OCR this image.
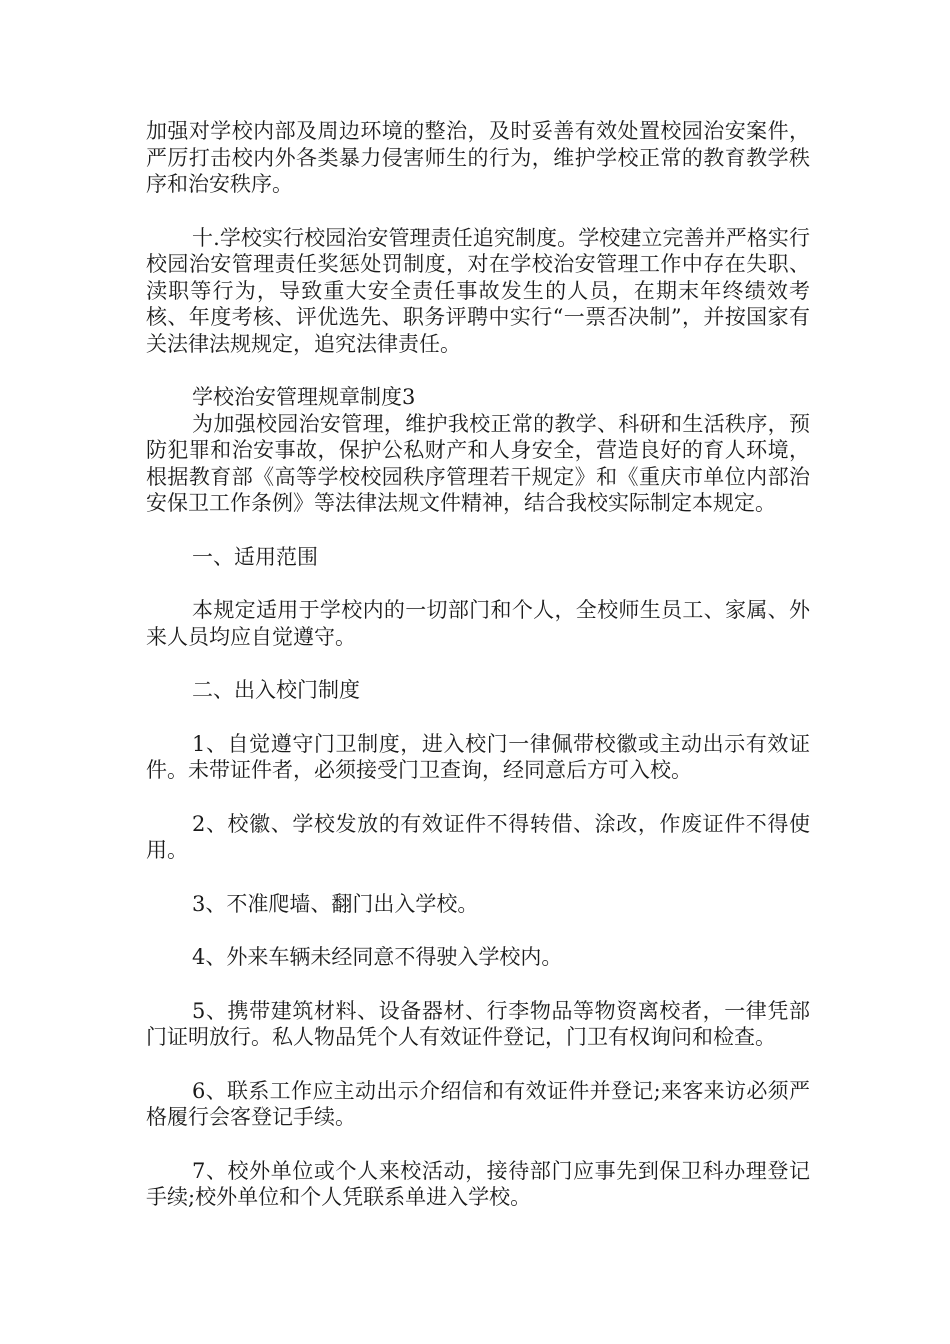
加强对学校内部及周边环境的整治，及时妥善有效处置校园治安案件，严厉打击校内外各类暴力侵害师生的行为，维护学校正常的教育教学秩序和治安秩序。

十.学校实行校园治安管理责任追究制度。学校建立完善并严格实行校园治安管理责任奖惩处罚制度，对在学校治安管理工作中存在失职、渎职等行为，导致重大安全责任事故发生的人员，在期末年终绩效考核、年度考核、评优选先、职务评聘中实行“一票否决制”，并按国家有关法律法规规定，追究法律责任。

学校治安管理规章制度3

为加强校园治安管理，维护我校正常的教学、科研和生活秩序，预防犯罪和治安事故，保护公私财产和人身安全，营造良好的育人环境，根据教育部《高等学校校园秩序管理若干规定》和《重庆市单位内部治安保卫工作条例》等法律法规文件精神，结合我校实际制定本规定。

一、适用范围

本规定适用于学校内的一切部门和个人，全校师生员工、家属、外来人员均应自觉遵守。

二、出入校门制度

1、自觉遵守门卫制度，进入校门一律佩带校徽或主动出示有效证件。未带证件者，必须接受门卫查询，经同意后方可入校。

2、校徽、学校发放的有效证件不得转借、涂改，作废证件不得使用。

3、不准爬墙、翻门出入学校。

4、外来车辆未经同意不得驶入学校内。

5、携带建筑材料、设备器材、行李物品等物资离校者，一律凭部门证明放行。私人物品凭个人有效证件登记，门卫有权询问和检查。

6、联系工作应主动出示介绍信和有效证件并登记;来客来访必须严格履行会客登记手续。

7、校外单位或个人来校活动，接待部门应事先到保卫科办理登记手续;校外单位和个人凭联系单进入学校。
